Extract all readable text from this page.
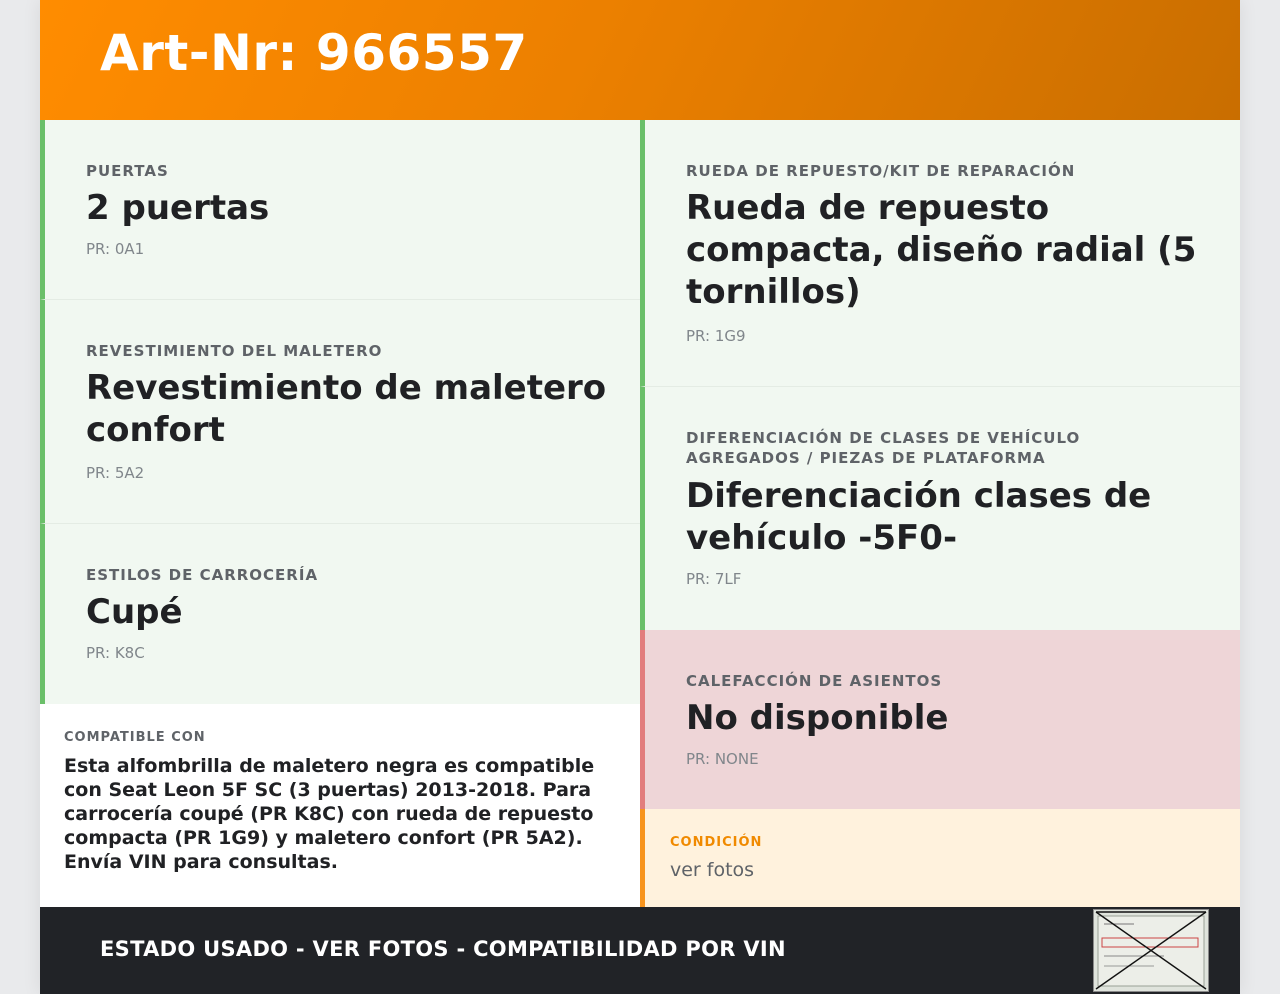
Art-Nr: 966557
PUERTAS
2 puertas
PR: 0A1
REVESTIMIENTO DEL MALETERO
Revestimiento de maletero confort
PR: 5A2
ESTILOS DE CARROCERÍA
Cupé
PR: K8C
COMPATIBLE CON
Esta alfombrilla de maletero negra es compatible con Seat Leon 5F SC (3 puertas) 2013-2018. Para carrocería coupé (PR K8C) con rueda de repuesto compacta (PR 1G9) y maletero confort (PR 5A2). Envía VIN para consultas.
RUEDA DE REPUESTO/KIT DE REPARACIÓN
Rueda de repuesto compacta, diseño radial (5 tornillos)
PR: 1G9
DIFERENCIACIÓN DE CLASES DE VEHÍCULO AGREGADOS / PIEZAS DE PLATAFORMA
Diferenciación clases de vehículo -5F0-
PR: 7LF
CALEFACCIÓN DE ASIENTOS
No disponible
PR: NONE
CONDICIÓN
ver fotos
ESTADO USADO - VER FOTOS - COMPATIBILIDAD POR VIN
